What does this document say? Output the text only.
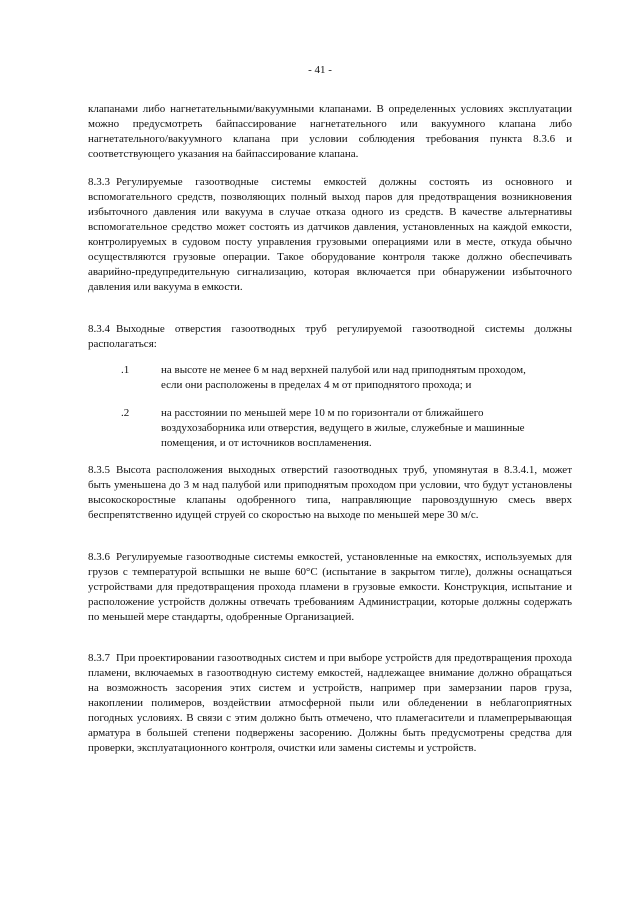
- 41 -

клапанами либо нагнетательными/вакуумными клапанами. В определенных условиях эксплуатации можно предусмотреть байпассирование нагнетательного или вакуумного клапана либо нагнетательного/вакуумного клапана при условии соблюдения требования пункта 8.3.6 и соответствующего указания на байпассирование клапана.

8.3.3 Регулируемые газоотводные системы емкостей должны состоять из основного и вспомогательного средств, позволяющих полный выход паров для предотвращения возникновения избыточного давления или вакуума в случае отказа одного из средств. В качестве альтернативы вспомогательное средство может состоять из датчиков давления, установленных на каждой емкости, контролируемых в судовом посту управления грузовыми операциями или в месте, откуда обычно осуществляются грузовые операции. Такое оборудование контроля также должно обеспечивать аварийно-предупредительную сигнализацию, которая включается при обнаружении избыточного давления или вакуума в емкости.

8.3.4 Выходные отверстия газоотводных труб регулируемой газоотводной системы должны располагаться:

.1	на высоте не менее 6 м над верхней палубой или над приподнятым проходом, если они расположены в пределах 4 м от приподнятого прохода; и
.2	на расстоянии по меньшей мере 10 м по горизонтали от ближайшего воздухозаборника или отверстия, ведущего в жилые, служебные и машинные помещения, и от источников воспламенения.

8.3.5 Высота расположения выходных отверстий газоотводных труб, упомянутая в 8.3.4.1, может быть уменьшена до 3 м над палубой или приподнятым проходом при условии, что будут установлены высокоскоростные клапаны одобренного типа, направляющие паровоздушную смесь вверх беспрепятственно идущей струей со скоростью на выходе по меньшей мере 30 м/с.

8.3.6 Регулируемые газоотводные системы емкостей, установленные на емкостях, используемых для грузов с температурой вспышки не выше 60°C (испытание в закрытом тигле), должны оснащаться устройствами для предотвращения прохода пламени в грузовые емкости. Конструкция, испытание и расположение устройств должны отвечать требованиям Администрации, которые должны содержать по меньшей мере стандарты, одобренные Организацией.

8.3.7 При проектировании газоотводных систем и при выборе устройств для предотвращения прохода пламени, включаемых в газоотводную систему емкостей, надлежащее внимание должно обращаться на возможность засорения этих систем и устройств, например при замерзании паров груза, накоплении полимеров, воздействии атмосферной пыли или обледенении в неблагоприятных погодных условиях. В связи с этим должно быть отмечено, что пламегасители и пламепрерывающая арматура в большей степени подвержены засорению. Должны быть предусмотрены средства для проверки, эксплуатационного контроля, очистки или замены системы и устройств.
